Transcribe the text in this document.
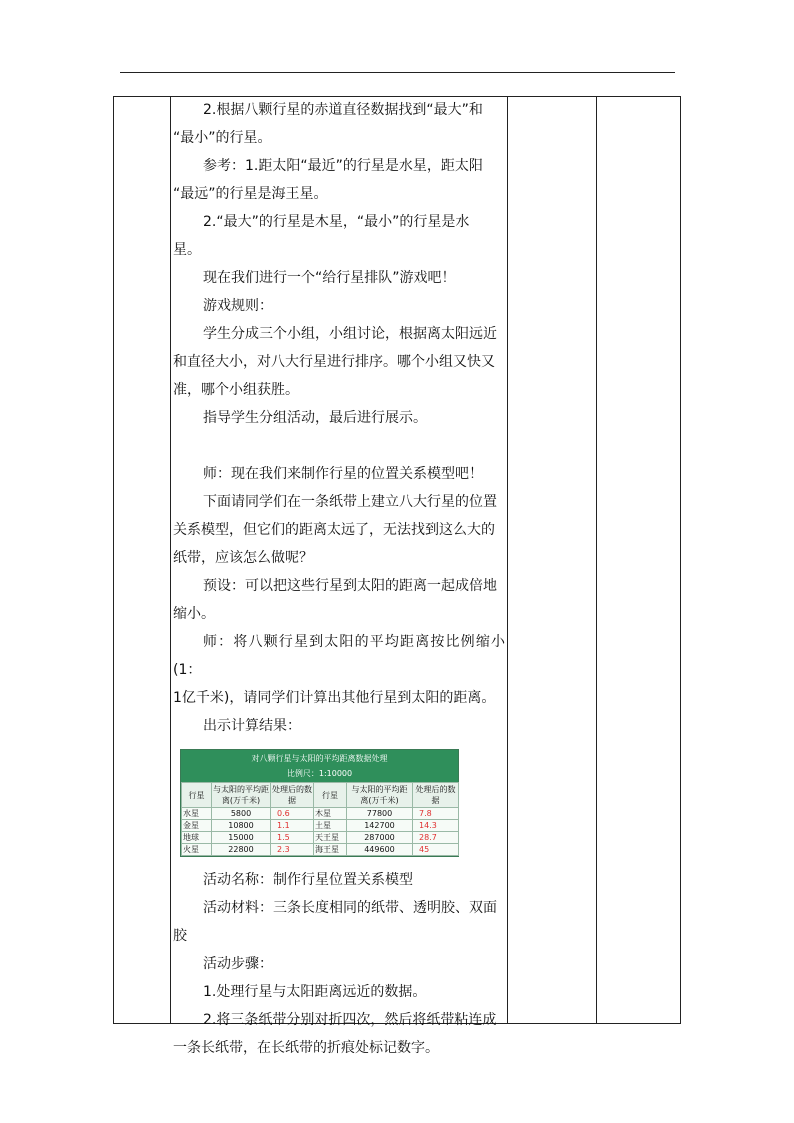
2.根据八颗行星的赤道直径数据找到“最大”和

“最小”的行星。

参考：1.距太阳“最近”的行星是水星，距太阳

“最远”的行星是海王星。

2.“最大”的行星是木星，“最小”的行星是水

星。

现在我们进行一个“给行星排队”游戏吧！

游戏规则：

学生分成三个小组，小组讨论，根据离太阳远近

和直径大小，对八大行星进行排序。哪个小组又快又

准，哪个小组获胜。

指导学生分组活动，最后进行展示。

师：现在我们来制作行星的位置关系模型吧！

下面请同学们在一条纸带上建立八大行星的位置

关系模型，但它们的距离太远了，无法找到这么大的

纸带，应该怎么做呢？

预设：可以把这些行星到太阳的距离一起成倍地

缩小。

师：将八颗行星到太阳的平均距离按比例缩小(1：

1亿千米)，请同学们计算出其他行星到太阳的距离。

出示计算结果：

对八颗行星与太阳的平均距离数据处理
比例尺：1:10000
行星	与太阳的平均距离(万千米)	处理后的数据	行星	与太阳的平均距离(万千米)	处理后的数据
水星	5800	0.6	木星	77800	7.8
金星	10800	1.1	土星	142700	14.3
地球	15000	1.5	天王星	287000	28.7
火星	22800	2.3	海王星	449600	45

活动名称：制作行星位置关系模型

活动材料：三条长度相同的纸带、透明胶、双面

胶

活动步骤：

1.处理行星与太阳距离远近的数据。

2.将三条纸带分别对折四次，然后将纸带粘连成

一条长纸带，在长纸带的折痕处标记数字。
